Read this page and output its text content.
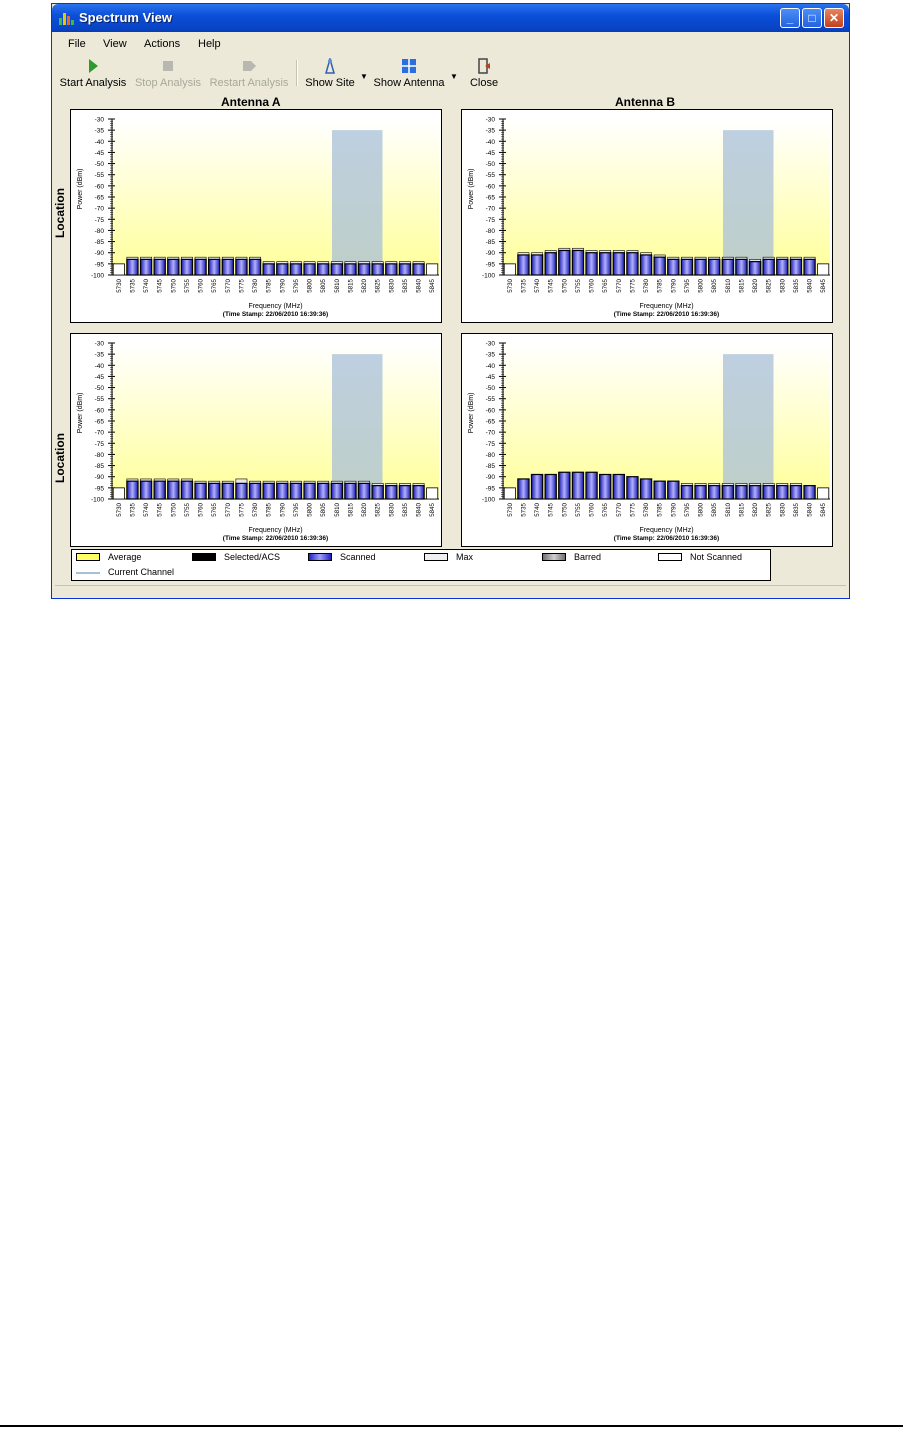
Spectrum View	_	□	✕
File View Actions Help
Start Analysis Stop Analysis Restart Analysis Show Site
▼
Show Antenna
▼
Close
Antenna A	Antenna B
Location
Location
-30
-35
-40
-45
-50
-55
-60
-65
-70
-75
-80
-85
-90
-95
-100
Power (dBm)
5730 5735 5740 5745 5750 5755 5760 5765 5770 5775 5780 5785 5790 5795 5800 5805 5810 5815 5820 5825 5830 5835 5840 5845
Frequency (MHz)
(Time Stamp: 22/06/2010 16:39:36)
-30
-35
-40
-45
-50
-55
-60
-65
-70
-75
-80
-85
-90
-95
-100
Power (dBm)
5730 5735 5740 5745 5750 5755 5760 5765 5770 5775 5780 5785 5790 5795 5800 5805 5810 5815 5820 5825 5830 5835 5840 5845
Frequency (MHz)
(Time Stamp: 22/06/2010 16:39:36)
-30
-35
-40
-45
-50
-55
-60
-65
-70
-75
-80
-85
-90
-95
-100
Power (dBm)
5730 5735 5740 5745 5750 5755 5760 5765 5770 5775 5780 5785 5790 5795 5800 5805 5810 5815 5820 5825 5830 5835 5840 5845
Frequency (MHz)
(Time Stamp: 22/06/2010 16:39:36)
-30
-35
-40
-45
-50
-55
-60
-65
-70
-75
-80
-85
-90
-95
-100
Power (dBm)
5730 5735 5740 5745 5750 5755 5760 5765 5770 5775 5780 5785 5790 5795 5800 5805 5810 5815 5820 5825 5830 5835 5840 5845
Frequency (MHz)
(Time Stamp: 22/06/2010 16:39:36)
Average	Selected/ACS	Scanned	Max	Barred	Not Scanned
Current Channel
